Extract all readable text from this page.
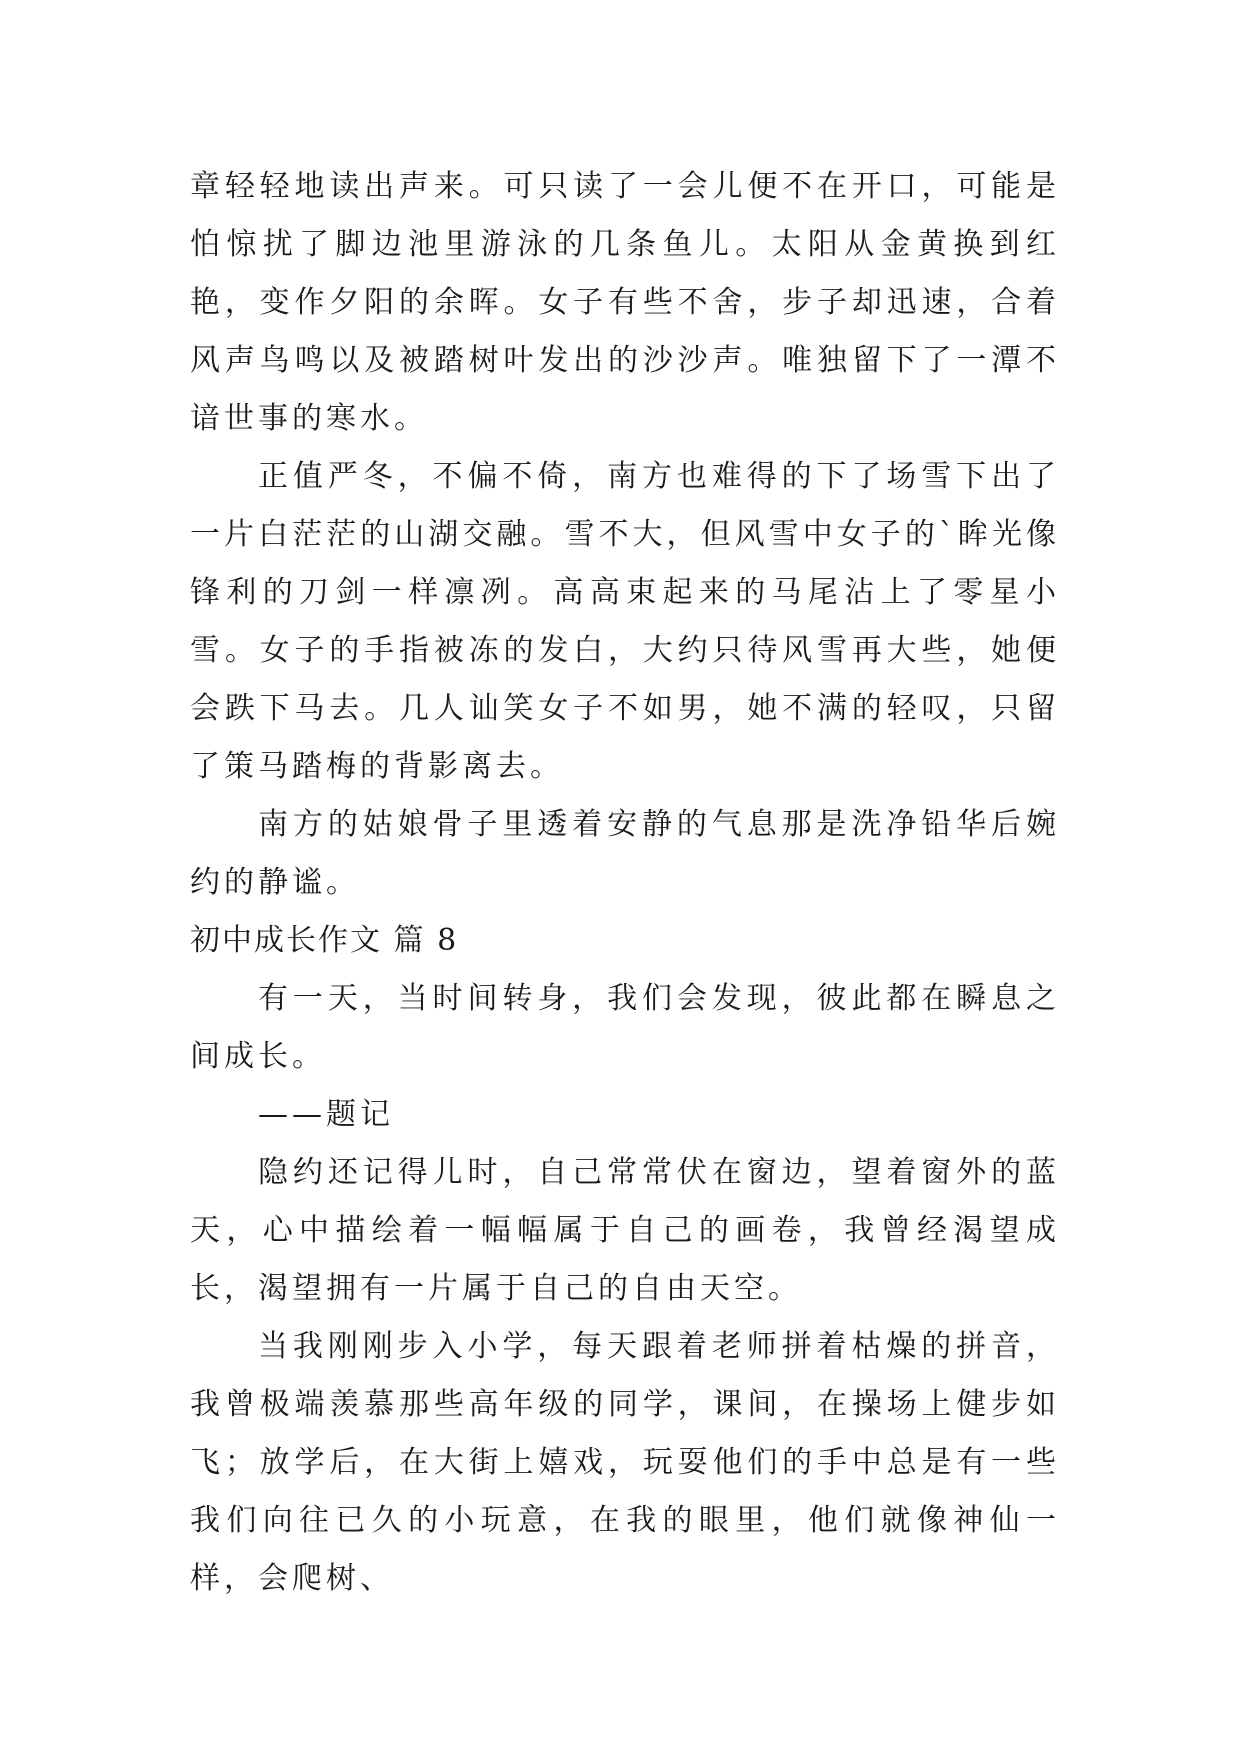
章轻轻地读出声来。可只读了一会儿便不在开口，可能是怕惊扰了脚边池里游泳的几条鱼儿。太阳从金黄换到红艳，变作夕阳的余晖。女子有些不舍，步子却迅速，合着风声鸟鸣以及被踏树叶发出的沙沙声。唯独留下了一潭不谙世事的寒水。

正值严冬，不偏不倚，南方也难得的下了场雪下出了一片白茫茫的山湖交融。雪不大，但风雪中女子的`眸光像锋利的刀剑一样凛冽。高高束起来的马尾沾上了零星小雪。女子的手指被冻的发白，大约只待风雪再大些，她便会跌下马去。几人讪笑女子不如男，她不满的轻叹，只留了策马踏梅的背影离去。

南方的姑娘骨子里透着安静的气息那是洗净铅华后婉约的静谧。

初中成长作文 篇 8

有一天，当时间转身，我们会发现，彼此都在瞬息之间成长。

——题记

隐约还记得儿时，自己常常伏在窗边，望着窗外的蓝天，心中描绘着一幅幅属于自己的画卷，我曾经渴望成长，渴望拥有一片属于自己的自由天空。

当我刚刚步入小学，每天跟着老师拼着枯燥的拼音，我曾极端羡慕那些高年级的同学，课间，在操场上健步如飞；放学后，在大街上嬉戏，玩耍他们的手中总是有一些我们向往已久的小玩意，在我的眼里，他们就像神仙一样，会爬树、
